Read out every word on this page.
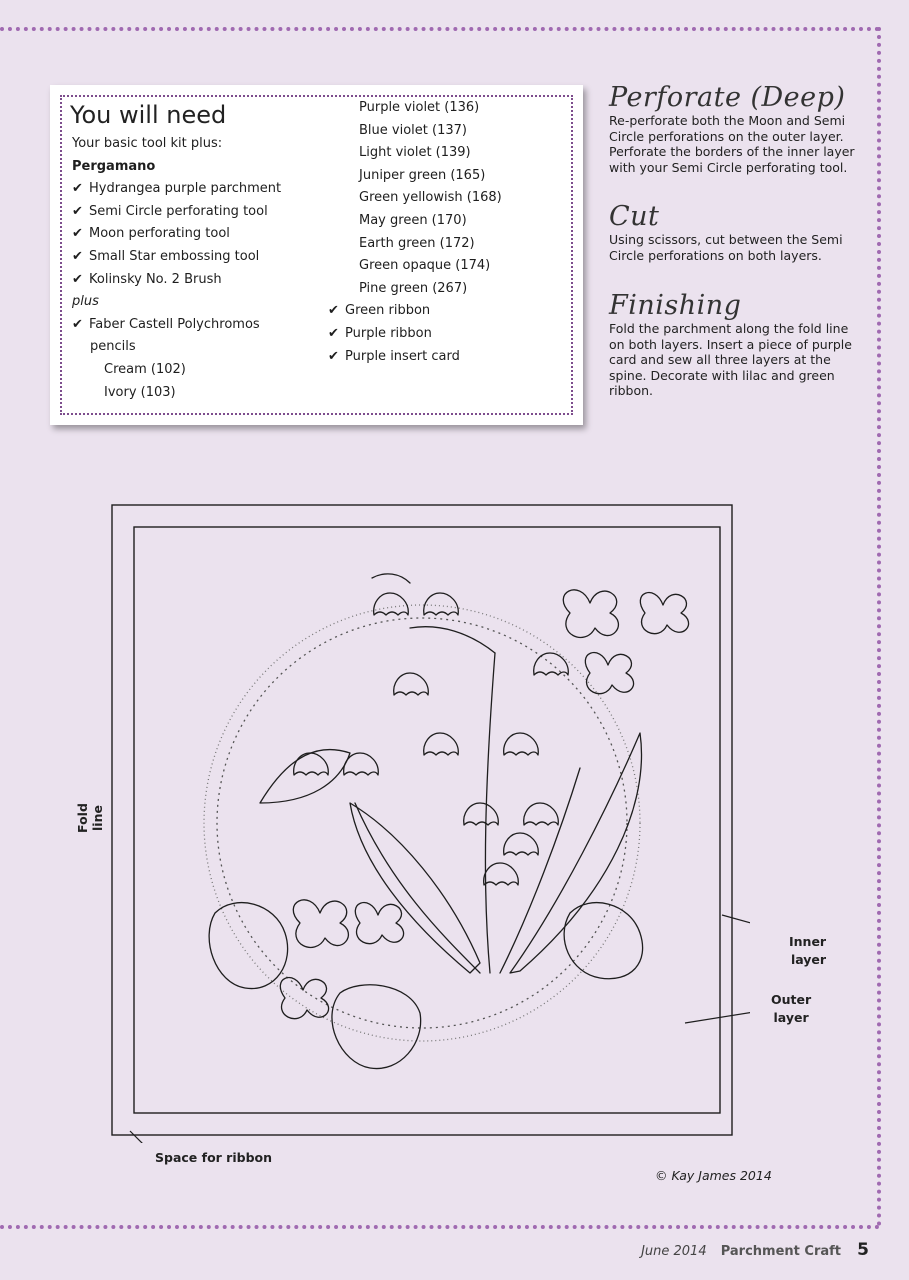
You will need
Your basic tool kit plus:
Pergamano
✔ Hydrangea purple parchment
✔ Semi Circle perforating tool
✔ Moon perforating tool
✔ Small Star embossing tool
✔ Kolinsky No. 2 Brush
plus
✔ Faber Castell Polychromos
pencils
Cream (102)
Ivory (103)
Purple violet (136)
Blue violet (137)
Light violet (139)
Juniper green (165)
Green yellowish (168)
May green (170)
Earth green (172)
Green opaque (174)
Pine green (267)
✔ Green ribbon
✔ Purple ribbon
✔ Purple insert card
Perforate (Deep)
Re-perforate both the Moon and Semi Circle perforations on the outer layer. Perforate the borders of the inner layer with your Semi Circle perforating tool.
Cut
Using scissors, cut between the Semi Circle perforations on both layers.
Finishing
Fold the parchment along the fold line on both layers. Insert a piece of purple card and sew all three layers at the spine. Decorate with lilac and green ribbon.
Fold line
Inner
layer
Outer
layer
Space for ribbon
© Kay James 2014
June 2014 Parchment Craft 5
